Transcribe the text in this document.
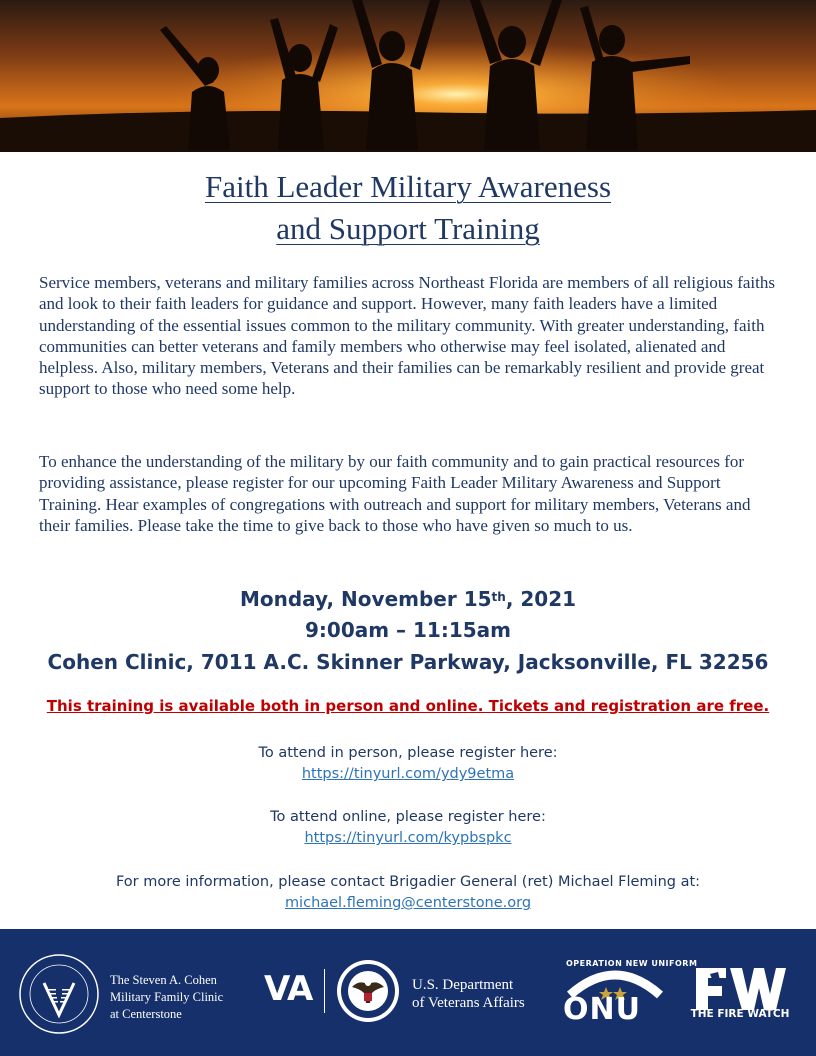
Faith Leader Military Awareness
and Support Training

Service members, veterans and military families across Northeast Florida are members of all religious faiths and look to their faith leaders for guidance and support. However, many faith leaders have a limited understanding of the essential issues common to the military community. With greater understanding, faith communities can better veterans and family members who otherwise may feel isolated, alienated and helpless. Also, military members, Veterans and their families can be remarkably resilient and provide great support to those who need some help.

To enhance the understanding of the military by our faith community and to gain practical resources for providing assistance, please register for our upcoming Faith Leader Military Awareness and Support Training. Hear examples of congregations with outreach and support for military members, Veterans and their families. Please take the time to give back to those who have given so much to us.

Monday, November 15th, 2021
9:00am – 11:15am
Cohen Clinic, 7011 A.C. Skinner Parkway, Jacksonville, FL 32256
This training is available both in person and online. Tickets and registration are free.
To attend in person, please register here:
https://tinyurl.com/ydy9etma
To attend online, please register here:
https://tinyurl.com/kypbspkc
For more information, please contact Brigadier General (ret) Michael Fleming at:
michael.fleming@centerstone.org
The Steven A. Cohen
Military Family Clinic
at Centerstone
VA	U.S. Department
of Veterans Affairs ONU
OPERATION NEW UNIFORM
THE FIRE WATCH
